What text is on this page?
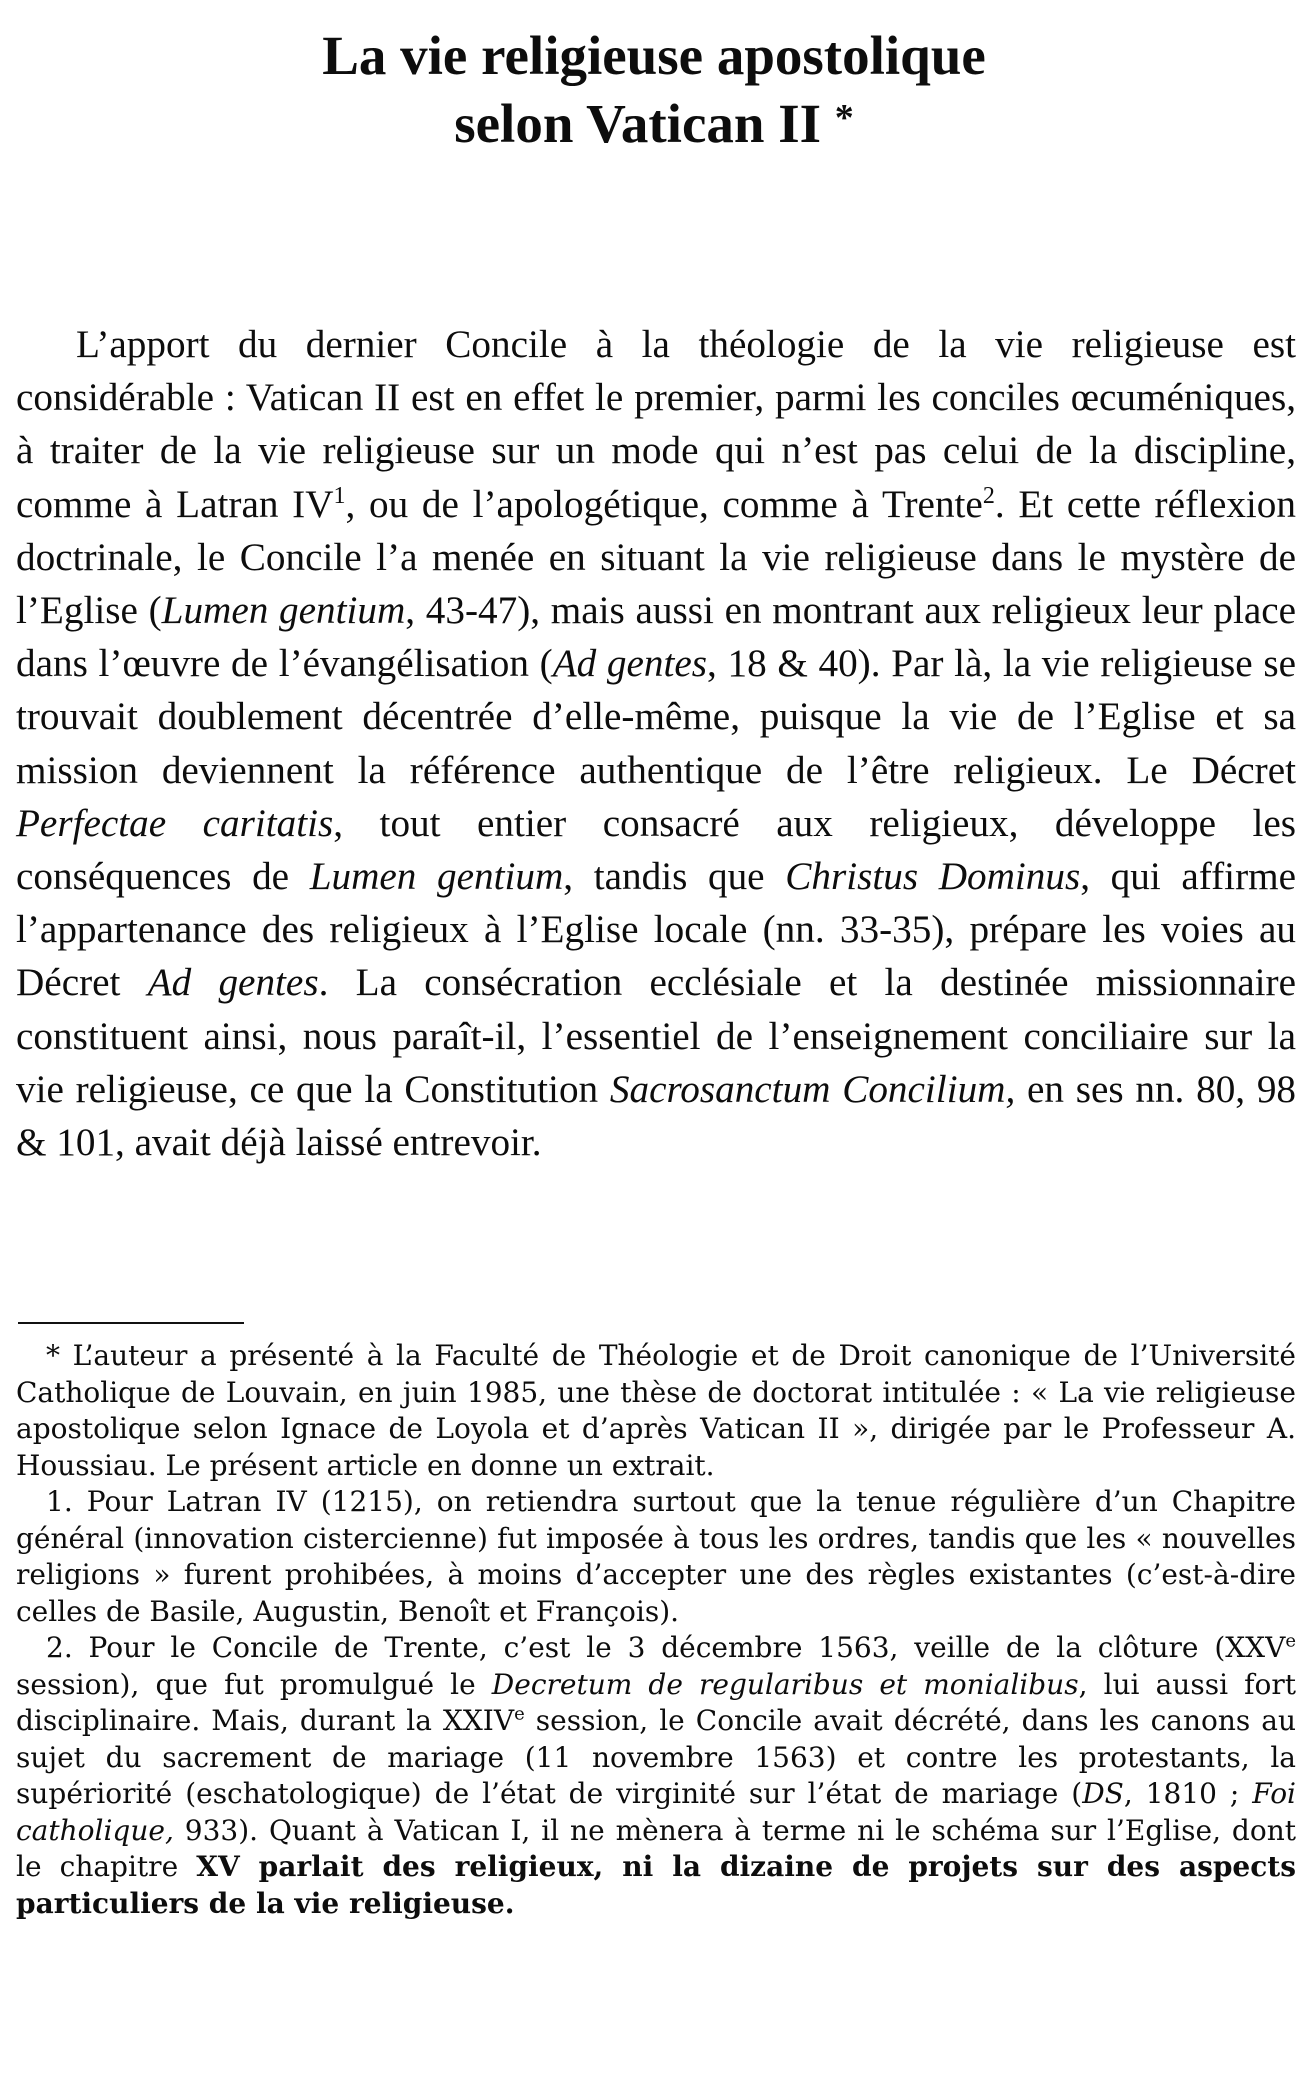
La vie religieuse apostolique
selon Vatican II *

L’apport du dernier Concile à la théologie de la vie religieuse est considérable : Vatican II est en effet le premier, parmi les conciles œcuméniques, à traiter de la vie religieuse sur un mode qui n’est pas celui de la discipline, comme à Latran $IV^1$, ou de l’apologétique, comme à Trente$^2$. Et cette réflexion doctrinale, le Concile l’a menée en situant la vie religieuse dans le mystère de l’Eglise (Lumen gentium, 43-47), mais aussi en montrant aux religieux leur place dans l’œuvre de l’évangélisation (Ad gentes, 18 & 40). Par là, la vie religieuse se trouvait doublement décentrée d’elle-même, puisque la vie de l’Eglise et sa mission deviennent la référence authentique de l’être religieux. Le Décret Perfectae caritatis, tout entier consacré aux religieux, développe les conséquences de Lumen gentium, tandis que Christus Dominus, qui affirme l’appartenance des religieux à l’Eglise locale (nn. 33-35), prépare les voies au Décret Ad gentes. La consécration ecclésiale et la destinée missionnaire constituent ainsi, nous paraît-il, l’essentiel de l’enseignement conciliaire sur la vie religieuse, ce que la Constitution Sacrosanctum Concilium, en ses nn. 80, 98 & 101, avait déjà laissé entrevoir.

* L’auteur a présenté à la Faculté de Théologie et de Droit canonique de l’Université Catholique de Louvain, en juin 1985, une thèse de doctorat intitulée : « La vie religieuse apostolique selon Ignace de Loyola et d’après Vatican II », dirigée par le Professeur A. Houssiau. Le présent article en donne un extrait.

1. Pour Latran IV (1215), on retiendra surtout que la tenue régulière d’un Chapitre général (innovation cistercienne) fut imposée à tous les ordres, tandis que les « nouvelles religions » furent prohibées, à moins d’accepter une des règles existantes (c’est-à-dire celles de Basile, Augustin, Benoît et François).

2. Pour le Concile de Trente, c’est le 3 décembre 1563, veille de la clôture (XXVe session), que fut promulgué le Decretum de regularibus et monialibus, lui aussi fort disciplinaire. Mais, durant la XXIVe session, le Concile avait décrété, dans les canons au sujet du sacrement de mariage (11 novembre 1563) et contre les protestants, la supériorité (eschatologique) de l’état de virginité sur l’état de mariage (DS, 1810 ; Foi catholique, 933). Quant à Vatican I, il ne mènera à terme ni le schéma sur l’Eglise, dont le chapitre XV parlait des religieux, ni la dizaine de projets sur des aspects particuliers de la vie religieuse.
